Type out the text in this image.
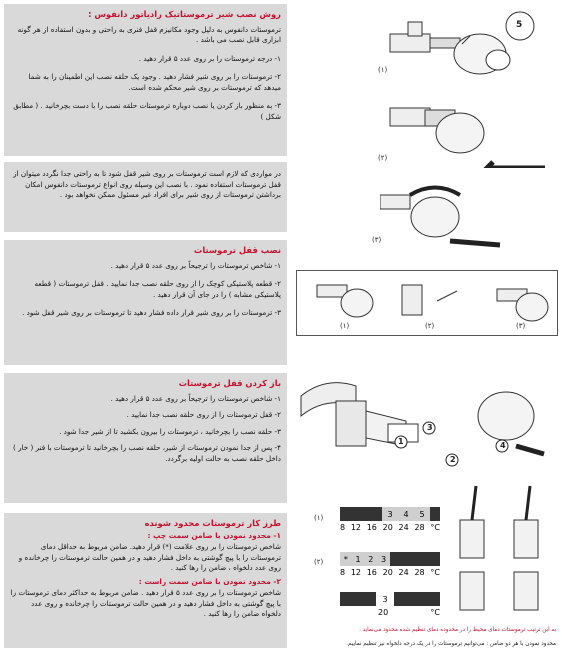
روش نصب شیر ترموستاتیک رادیاتور دانفوس :

ترموستات دانفوس به دلیل وجود مکانیزم قفل فنری به راحتی و بدون استفاده از هر گونه ابزاری قابل نصب می باشد .

۱- درجه ترموستات را بر روی عدد ۵ قرار دهید .

۲- ترموستات را بر روی شیر فشار دهید . وجود یک حلقه نصب این اطمینان را به شما میدهد که ترموستات بر روی شیر محکم شده است.

۳- به منظور باز کردن یا نصب دوباره ترموستات حلقه نصب را با دست بچرخانید . ( مطابق شکل )

در مواردی که لازم است ترموستات بر روی شیر قفل شود تا به راحتی جدا نگردد میتوان از قفل ترموستات استفاده نمود . با نصب این وسیله روی انواع ترموستات دانفوس امکان برداشتن ترموستات از روی شیر برای افراد غیر مسئول ممکن نخواهد بود .

نصب قفل ترموستات

۱- شاخص ترموستات را ترجیحاً بر روی عدد ۵ قرار دهید .

۲- قطعه پلاستیکی کوچک را از روی حلقه نصب جدا نمایید . قفل ترموستات ( قطعه پلاستیکی مشابه ) را در جای آن قرار دهید .

۳- ترموستات را بر روی شیر قرار داده فشار دهید تا ترموستات بر روی شیر قفل شود .

باز کردن قفل ترموستات

۱- شاخص ترموستات را ترجیحاً بر روی عدد ۵ قرار دهید .

۲- قفل ترموستات را از روی حلقه نصب جدا نمایید .

۳- حلقه نصب را بچرخانید ، ترموستات را بیرون بکشید تا از شیر جدا شود .

۴- پس از جدا نمودن ترموستات از شیر، حلقه نصب را بچرخانید تا ترموستات با فنر ( خار ) داخل حلقه نصب به حالت اولیه برگردد.

طرز کار ترموستات محدود شونده
۱- محدود نمودن با ضامن سمت چپ :

شاخص ترموستات را بر روی علامت (*) قرار دهید. ضامن مربوط به حداقل دمای ترموستات را با پیچ گوشتی به داخل فشار دهید و در همین حالت ترموستات را چرخانده و روی عدد دلخواه ، ضامن را رها کنید .

۲- محدود نمودن با ضامن سمت راست :

شاخص ترموستات را بر روی عدد ۵ قرار دهید . ضامن مربوط به حداکثر دمای ترموستات را با پیچ گوشتی به داخل فشار دهید و در همین حالت ترموستات را چرخانده و روی عدد دلخواه ضامن را رها کنید .

5
(۱)
(۲)
(۳)
(۳)
(۲)
(۱)
1
2
3
4
(۱)	3 4 5
8 12 16 20 24 28 °C
(۲)	* 1 2 3
8 12 16 20 24 28 °C
3
20	°C
به این ترتیب ترموستات دمای محیط را در محدوده دمای تنظیم شده محدود می‌نماید .
محدود نمودن با هر دو ضامن : می‌توانیم ترموستات را در یک درجه دلخواه نیز تنظیم نماییم.
